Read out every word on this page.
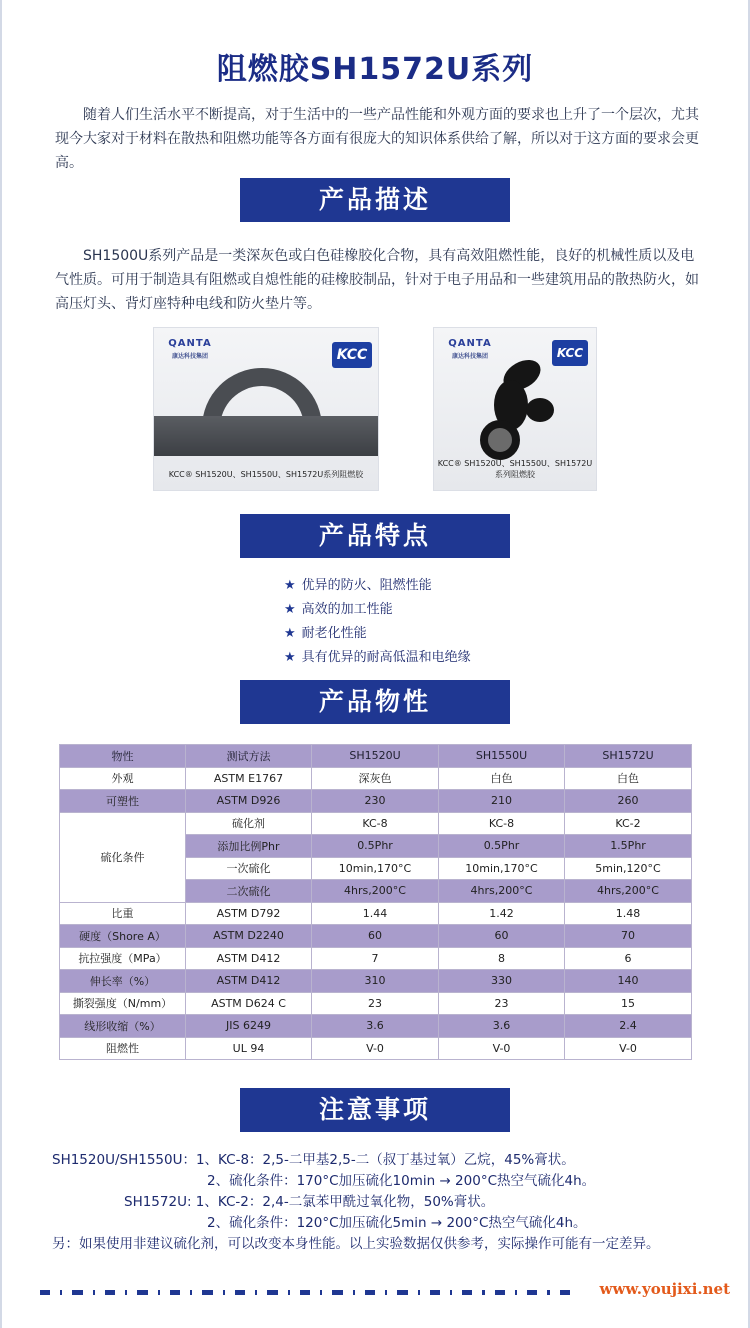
阻燃胶SH1572U系列

随着人们生活水平不断提高，对于生活中的一些产品性能和外观方面的要求也上升了一个层次，尤其现今大家对于材料在散热和阻燃功能等各方面有很庞大的知识体系供给了解，所以对于这方面的要求会更高。

产品描述

SH1500U系列产品是一类深灰色或白色硅橡胶化合物，具有高效阻燃性能，良好的机械性质以及电气性质。可用于制造具有阻燃或自熄性能的硅橡胶制品，针对于电子用品和一些建筑用品的散热防火，如高压灯头、背灯座特种电线和防火垫片等。

QANTA
康达科技集团	KCC
KCC® SH1520U、SH1550U、SH1572U系列阻燃胶
QANTA
康达科技集团	KCC
KCC® SH1520U、SH1550U、SH1572U系列阻燃胶
产品特点
★ 优异的防火、阻燃性能
★ 高效的加工性能
★ 耐老化性能
★ 具有优异的耐高低温和电绝缘
产品物性
物性	测试方法	SH1520U	SH1550U	SH1572U
外观	ASTM E1767	深灰色	白色	白色
可塑性	ASTM D926	230	210	260
硫化条件	硫化剂	KC-8	KC-8	KC-2
	添加比例Phr	0.5Phr	0.5Phr	1.5Phr
	一次硫化	10min,170°C	10min,170°C	5min,120°C
	二次硫化	4hrs,200°C	4hrs,200°C	4hrs,200°C
比重	ASTM D792	1.44	1.42	1.48
硬度（Shore A）	ASTM D2240	60	60	70
抗拉强度（MPa）	ASTM D412	7	8	6
伸长率（%）	ASTM D412	310	330	140
撕裂强度（N/mm）	ASTM D624 C	23	23	15
线形收缩（%）	JIS 6249	3.6	3.6	2.4
阻燃性	UL 94	V-0	V-0	V-0
注意事项
SH1520U/SH1550U：1、KC-8：2,5-二甲基2,5-二（叔丁基过氧）乙烷，45%膏状。
2、硫化条件：170°C加压硫化10min → 200°C热空气硫化4h。
SH1572U: 1、KC-2：2,4-二氯苯甲酰过氧化物，50%膏状。
2、硫化条件：120°C加压硫化5min → 200°C热空气硫化4h。
另：如果使用非建议硫化剂，可以改变本身性能。以上实验数据仅供参考，实际操作可能有一定差异。
www.youjixi.net
